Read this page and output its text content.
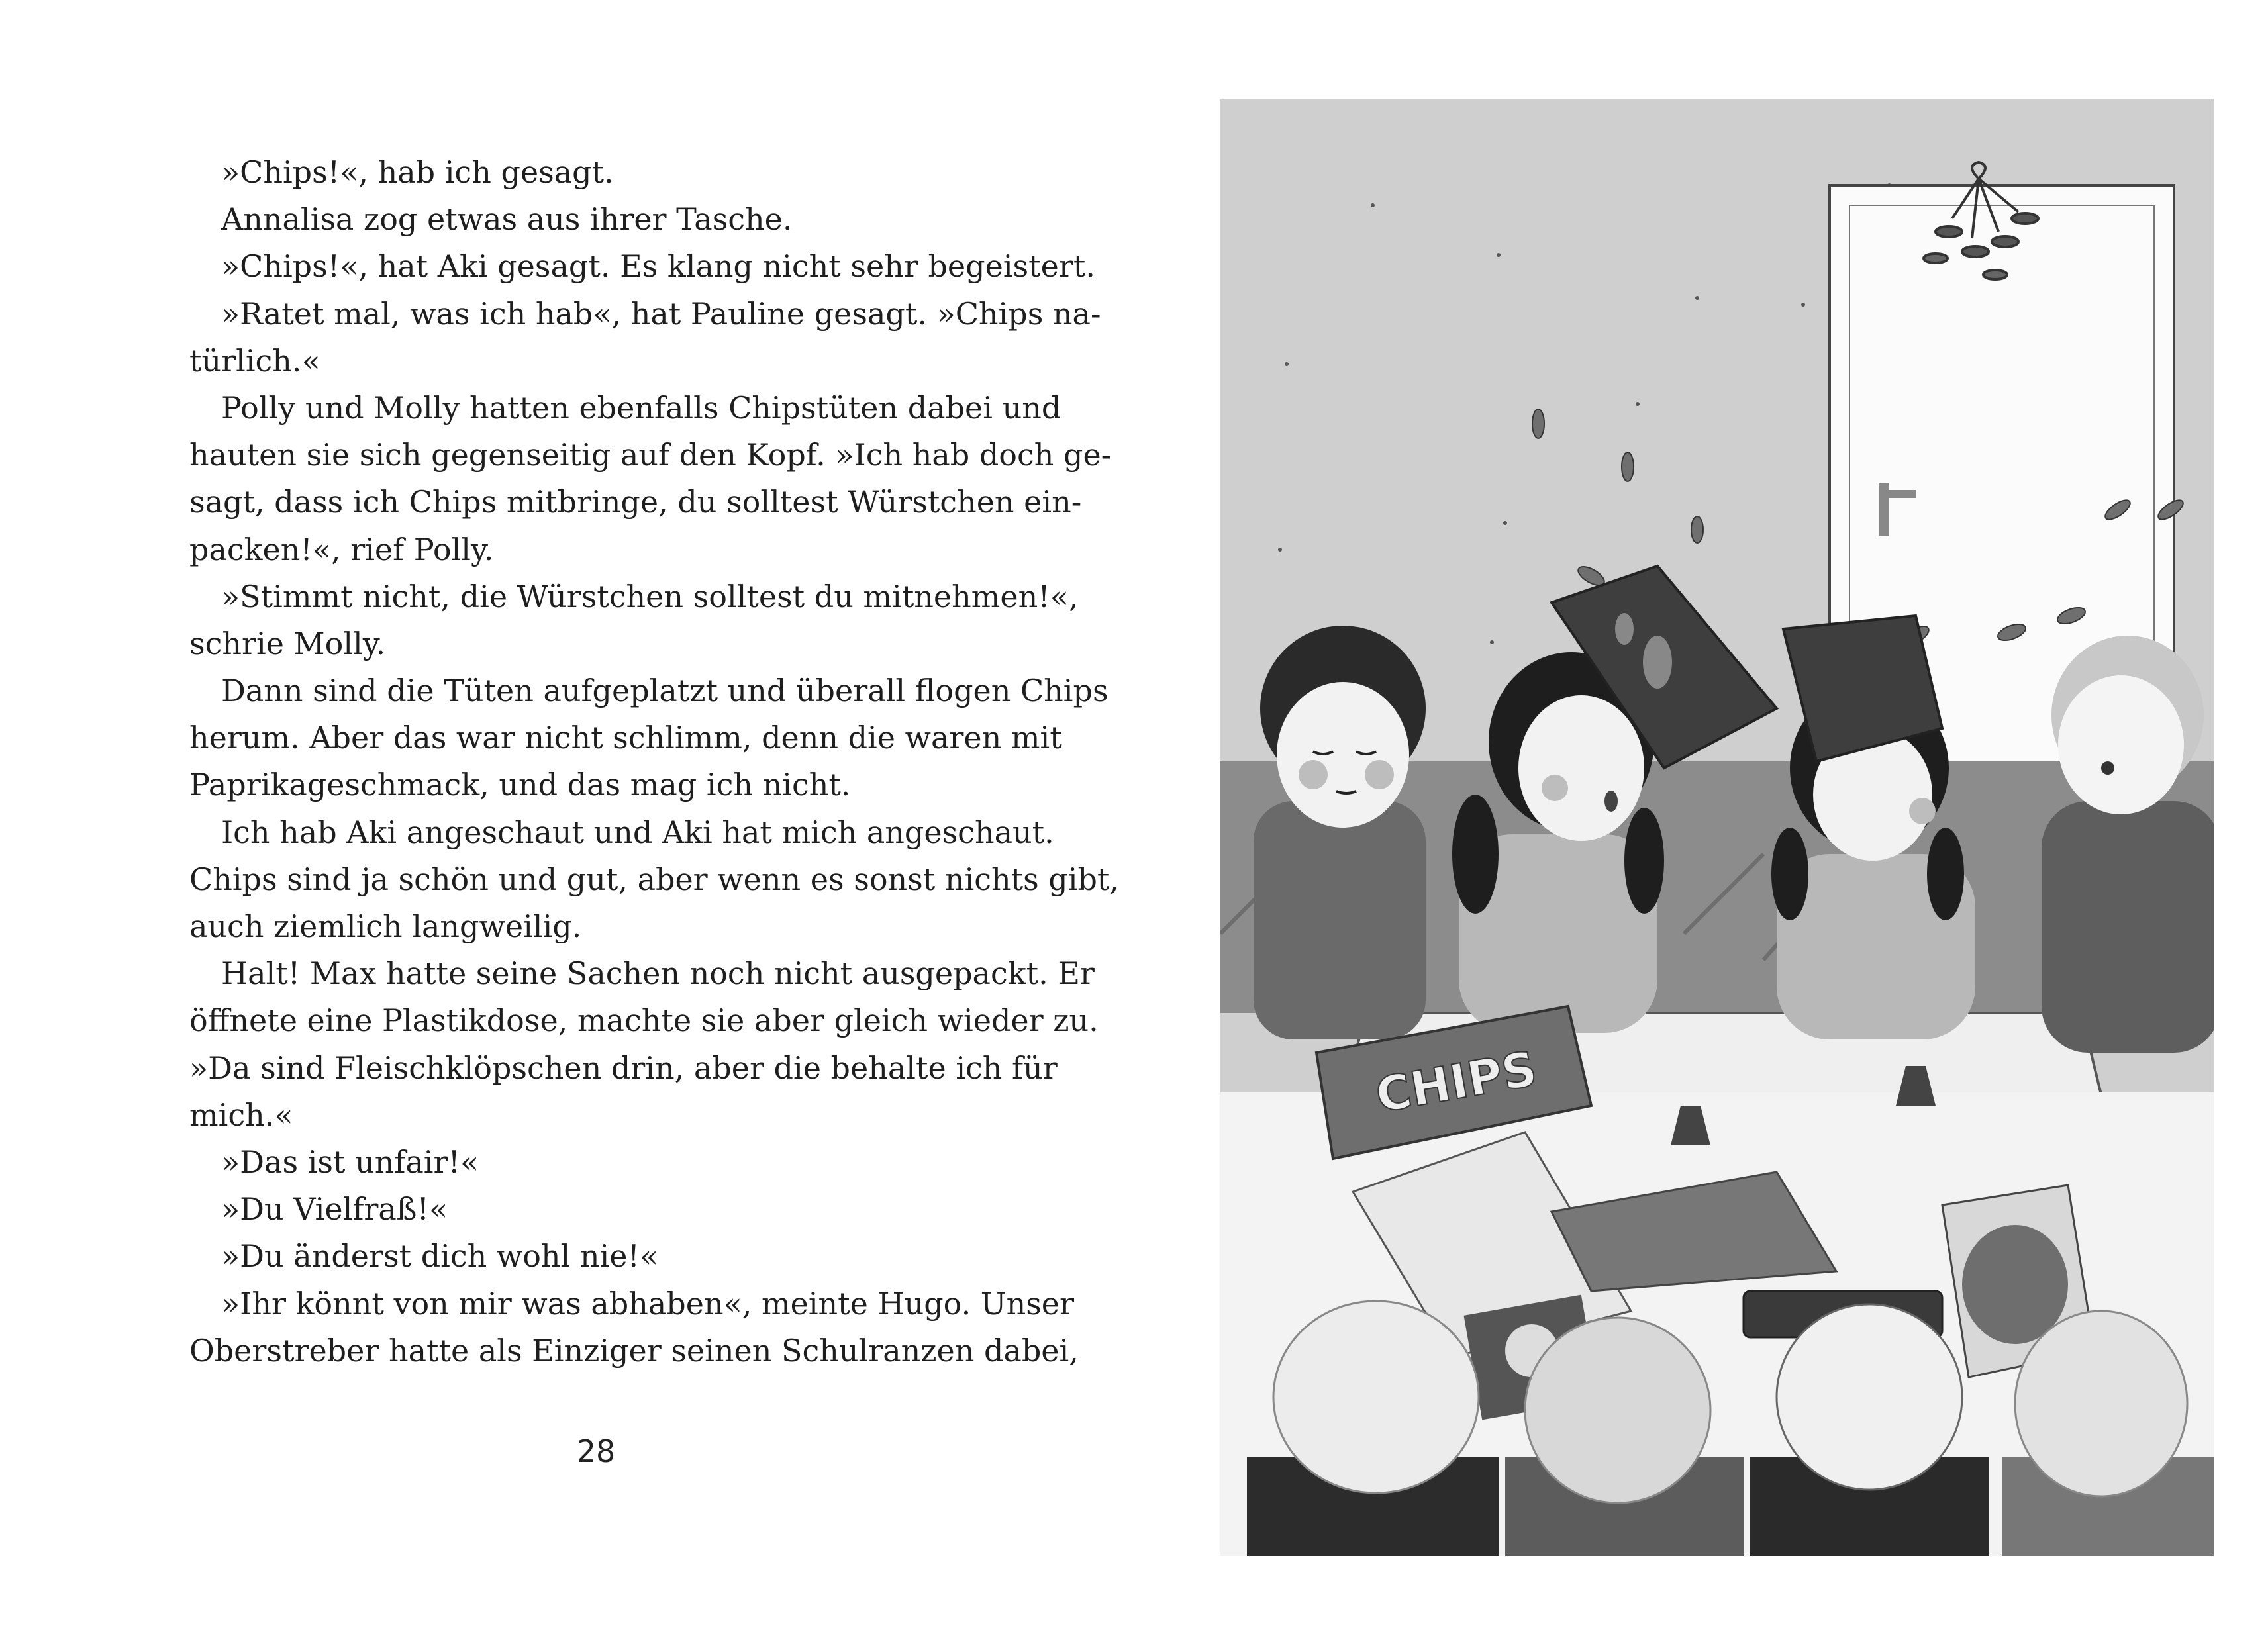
»Chips!«, hab ich gesagt.
Annalisa zog etwas aus ihrer Tasche.
»Chips!«, hat Aki gesagt. Es klang nicht sehr begeistert.
»Ratet mal, was ich hab«, hat Pauline gesagt. »Chips na-
türlich.«
Polly und Molly hatten ebenfalls Chipstüten dabei und
hauten sie sich gegenseitig auf den Kopf. »Ich hab doch ge-
sagt, dass ich Chips mitbringe, du solltest Würstchen ein-
packen!«, rief Polly.
»Stimmt nicht, die Würstchen solltest du mitnehmen!«,
schrie Molly.
Dann sind die Tüten aufgeplatzt und überall flogen Chips
herum. Aber das war nicht schlimm, denn die waren mit
Paprikageschmack, und das mag ich nicht.
Ich hab Aki angeschaut und Aki hat mich angeschaut.
Chips sind ja schön und gut, aber wenn es sonst nichts gibt,
auch ziemlich langweilig.
Halt! Max hatte seine Sachen noch nicht ausgepackt. Er
öffnete eine Plastikdose, machte sie aber gleich wieder zu.
»Da sind Fleischklöpschen drin, aber die behalte ich für
mich.«
»Das ist unfair!«
»Du Vielfraß!«
»Du änderst dich wohl nie!«
»Ihr könnt von mir was abhaben«, meinte Hugo. Unser
Oberstreber hatte als Einziger seinen Schulranzen dabei,
28
CHIPS
